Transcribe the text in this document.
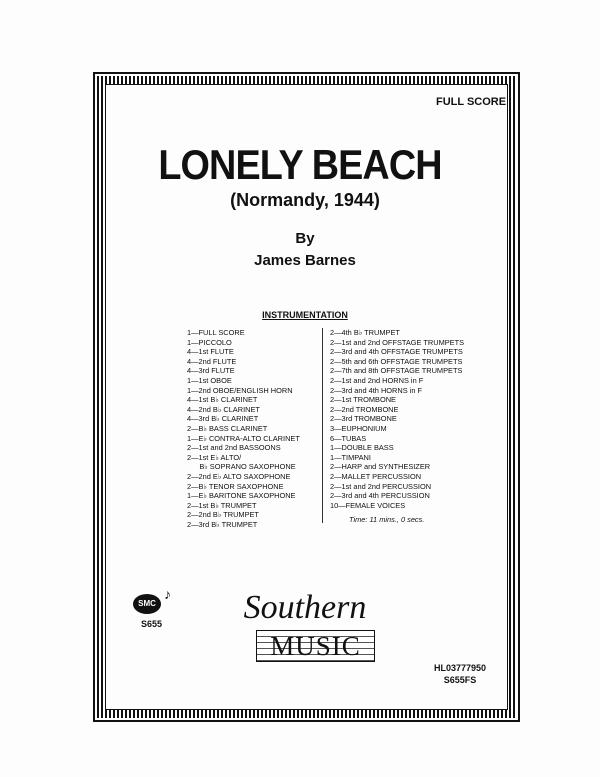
FULL SCORE
LONELY BEACH
(Normandy, 1944)
By
James Barnes
INSTRUMENTATION
1—FULL SCORE
1—PICCOLO
4—1st FLUTE
4—2nd FLUTE
4—3rd FLUTE
1—1st OBOE
1—2nd OBOE/ENGLISH HORN
4—1st B♭ CLARINET
4—2nd B♭ CLARINET
4—3rd B♭ CLARINET
2—B♭ BASS CLARINET
1—E♭ CONTRA-ALTO CLARINET
2—1st and 2nd BASSOONS
2—1st E♭ ALTO/
B♭ SOPRANO SAXOPHONE
2—2nd E♭ ALTO SAXOPHONE
2—B♭ TENOR SAXOPHONE
1—E♭ BARITONE SAXOPHONE
2—1st B♭ TRUMPET
2—2nd B♭ TRUMPET
2—3rd B♭ TRUMPET
2—4th B♭ TRUMPET
2—1st and 2nd OFFSTAGE TRUMPETS
2—3rd and 4th OFFSTAGE TRUMPETS
2—5th and 6th OFFSTAGE TRUMPETS
2—7th and 8th OFFSTAGE TRUMPETS
2—1st and 2nd HORNS in F
2—3rd and 4th HORNS in F
2—1st TROMBONE
2—2nd TROMBONE
2—3rd TROMBONE
3—EUPHONIUM
6—TUBAS
1—DOUBLE BASS
1—TIMPANI
2—HARP and SYNTHESIZER
2—MALLET PERCUSSION
2—1st and 2nd PERCUSSION
2—3rd and 4th PERCUSSION
10—FEMALE VOICES
Time: 11 mins., 0 secs.
SMC
♪
S655	Southern
MUSIC
HL03777950
S655FS
